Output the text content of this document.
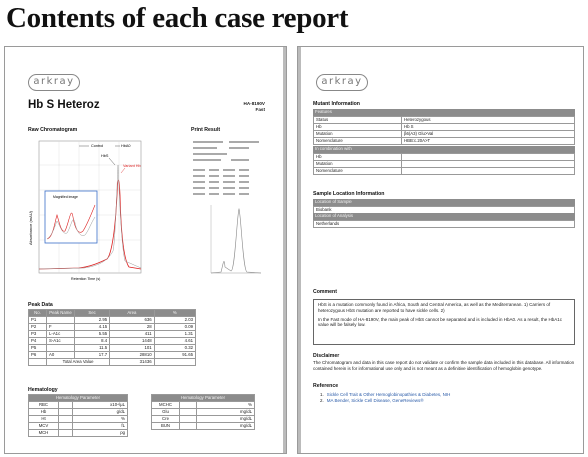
Contents of each case report
arkray
Hb S Heteroz	HA-8190V
Fast
Raw Chromatogram	Print Result
Absorbance (mAU)
Retention Time (s)
Magnified image
Control	HbA0
HbS
Variant Hb
Peak Data
No.	Peak Name	Sec	Area	%
P1		2.95	636	2.03
P2	F	4.15	28	0.09
P3	L-A1c	5.55	411	1.31
P4	S-A1c	8.4	1448	4.61
P5		11.5	101	0.32
P6	A0	17.7	28810	91.65
	Total Area Value		31436	
Hematology
Hematology Parameter		
RBC		x10⁴/μL
Hb		g/dL
Ht		%
MCV		fL
MCH		pg
Hematology Parameter		
MCHC		%
Glu		mg/dL
Cre		mg/dL
BUN		mg/dL
arkray
Mutant Information
Features
Status	Heterozygous
Hb	Hb S
Mutation	β6(A3) Glu>Val
Nomenclature	HBB:c.20A>T
In combination with
Hb	
Mutation	
Nomenclature	
Sample Location Information
Location of Sample
Biobank
Location of Analysis
Netherlands
Comment

HbS is a mutation commonly found in Africa, South and Central America, as well as the Mediterranean. 1) Carriers of heterozygous HbS mutation are reported to have sickle cells. 2)

In the Fast mode of HA-8190V, the main peak of HbS cannot be separated and is included in HbA0. As a result, the HbA1c value will be falsely low.

Disclaimer
The Chromatogram and data in this case report do not validate or confirm the sample data included in this database. All information contained herein is for informational use only and is not meant as a definitive identification of hemoglobin genotype.
Reference
1. Sickle Cell Trait & Other Hemoglobinopathies & Diabetes, NIH
2. MA Bender, Sickle Cell Disease, GeneReviews®
